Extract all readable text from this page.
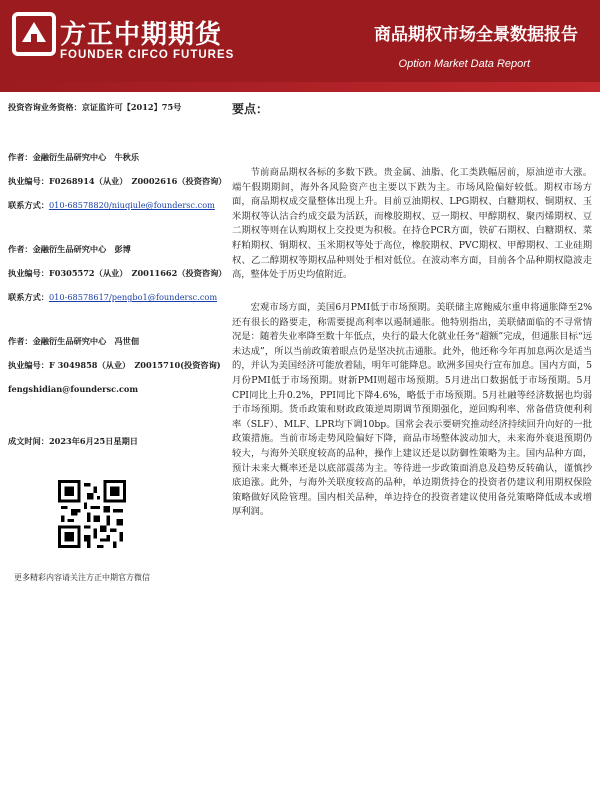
方正中期期货
FOUNDER CIFCO FUTURES
商品期权市场全景数据报告
Option Market Data Report
投资咨询业务资格：京证监许可【2012】75号
作者：金融衍生品研究中心　牛秋乐
执业编号：F0268914（从业）　Z0002616（投资咨询）
联系方式：010-68578820/niuqiule@foundersc.com
作者：金融衍生品研究中心　彭博
执业编号：F0305572（从业）　Z0011662（投资咨询）
联系方式：010-68578617/pengbo1@foundersc.com
作者：金融衍生品研究中心　冯世佃
执业编号：F 3049858（从业）　Z0015710(投资咨询)
fengshidian@foundersc.com
成文时间：2023年6月25日星期日
更多精彩内容请关注方正中期官方微信
要点：
节前商品期权各标的多数下跌。贵金属、油脂、化工类跌幅居前，原油逆市大涨。端午假期期间，海外各风险资产也主要以下跌为主。市场风险偏好较低。期权市场方面，商品期权成交量整体出现上升。目前豆油期权、LPG期权、白糖期权、铜期权、玉米期权等认沽合约成交最为活跃，而橡胶期权、豆一期权、甲醇期权、聚丙烯期权、豆二期权等则在认购期权上交投更为积极。在持仓PCR方面，铁矿石期权、白糖期权、菜籽粕期权、铜期权、玉米期权等处于高位，橡胶期权、PVC期权、甲醇期权、工业硅期权、乙二醇期权等期权品种则处于相对低位。在波动率方面，目前各个品种期权隐波走高，整体处于历史均值附近。
宏观市场方面，美国6月PMI低于市场预期。美联储主席鲍威尔重申将通胀降至2%还有很长的路要走，称需要提高利率以遏制通胀。他特别指出，美联储面临的不寻常情况是：随着失业率降至数十年低点，央行的最大化就业任务“超额”完成，但通胀目标“远未达成”，所以当前政策着眼点仍是坚决抗击通胀。此外，他还称今年再加息两次是适当的，并认为美国经济可能放着陆，明年可能降息。欧洲多国央行宣布加息。国内方面，5月份PMI低于市场预期。财新PMI则超市场预期。5月进出口数据低于市场预期。5月CPI同比上升0.2%，PPI同比下降4.6%，略低于市场预期。5月社融等经济数据也均弱于市场预期。货币政策和财政政策逆周期调节预期强化，逆回购利率、常备借贷便利利率（SLF）、MLF、LPR均下调10bp。国常会表示要研究推动经济持续回升向好的一批政策措施。当前市场走势风险偏好下降，商品市场整体波动加大，未来海外衰退预期仍较大，与海外关联度较高的品种，操作上建议还是以防御性策略为主。国内品种方面，预计未来大概率还是以底部震荡为主。等待进一步政策面消息及趋势反转确认，谨慎抄底追涨。此外，与海外关联度较高的品种，单边期货持仓的投资者仍建议利用期权保险策略做好风险管理。国内相关品种，单边持仓的投资者建议使用备兑策略降低成本或增厚利润。
